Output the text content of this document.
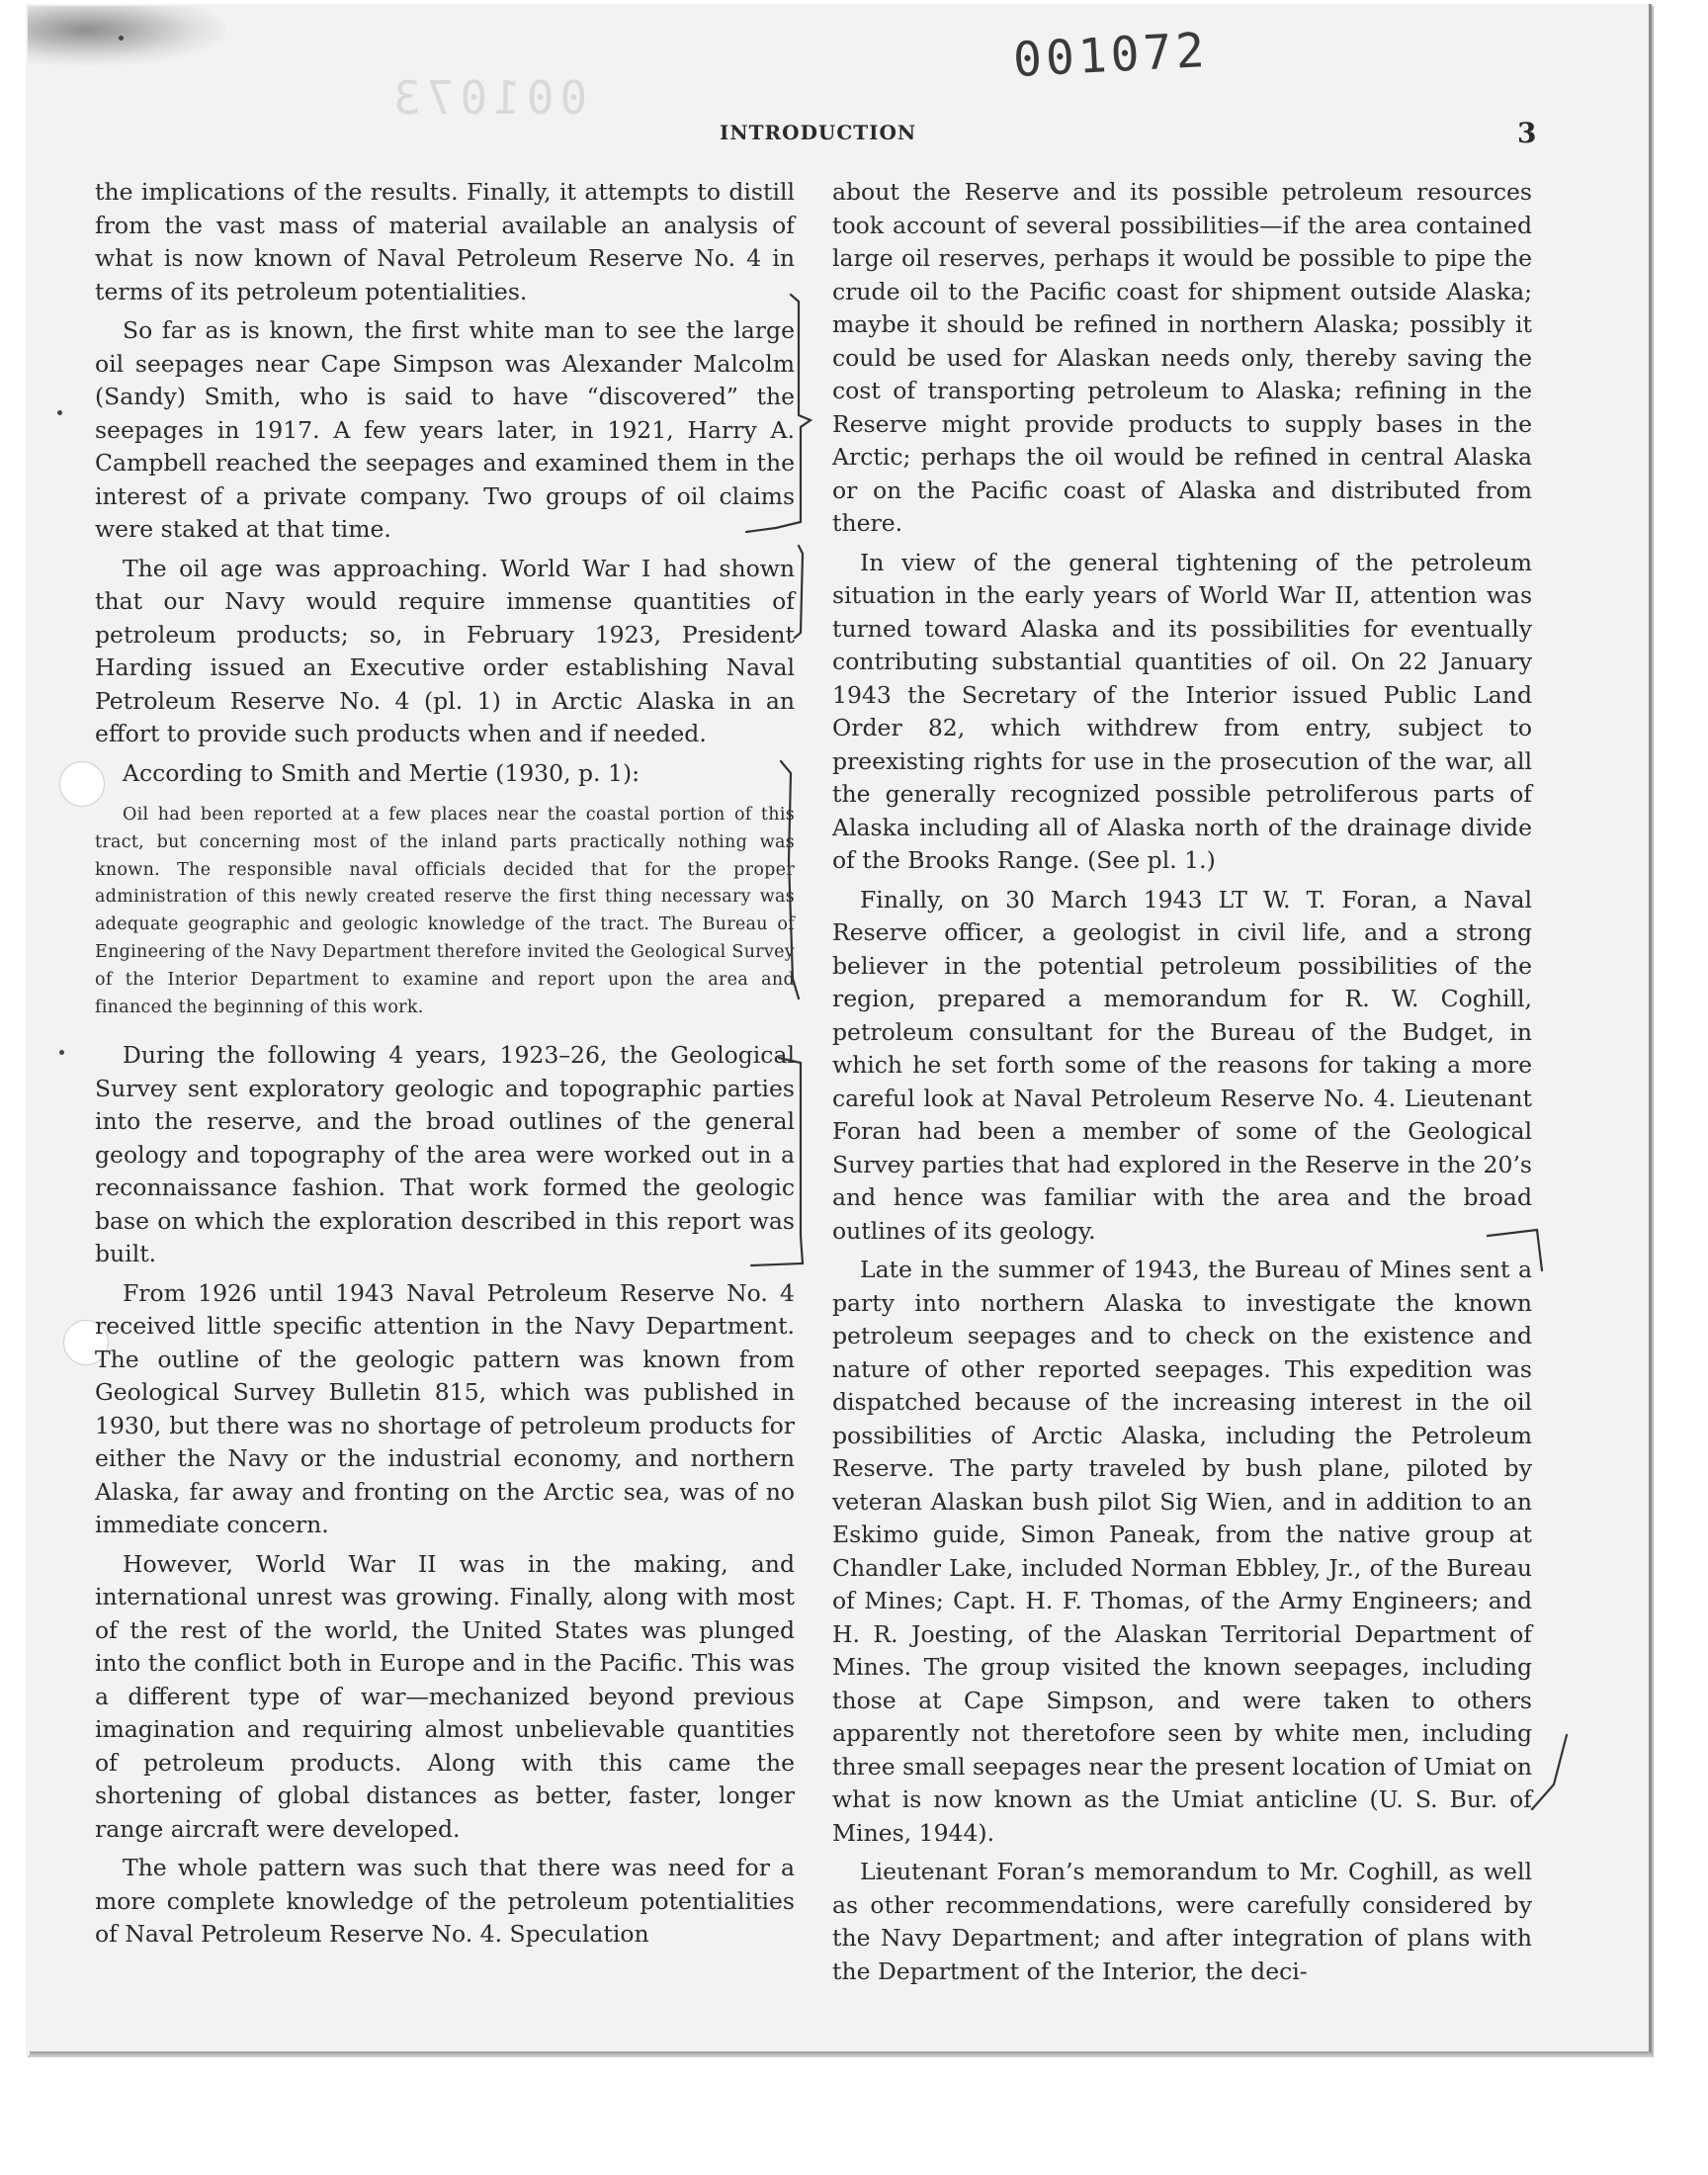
001073
001072
INTRODUCTION	3

the implications of the results. Finally, it attempts to distill from the vast mass of material available an analysis of what is now known of Naval Petroleum Reserve No. 4 in terms of its petroleum potentialities.

So far as is known, the first white man to see the large oil seepages near Cape Simpson was Alexander Malcolm (Sandy) Smith, who is said to have “discovered” the seepages in 1917. A few years later, in 1921, Harry A. Campbell reached the seepages and examined them in the interest of a private company. Two groups of oil claims were staked at that time.

The oil age was approaching. World War I had shown that our Navy would require immense quantities of petroleum products; so, in February 1923, President Harding issued an Executive order establishing Naval Petroleum Reserve No. 4 (pl. 1) in Arctic Alaska in an effort to provide such products when and if needed.

According to Smith and Mertie (1930, p. 1):

Oil had been reported at a few places near the coastal portion of this tract, but concerning most of the inland parts practically nothing was known. The responsible naval officials decided that for the proper administration of this newly created reserve the first thing necessary was adequate geographic and geologic knowledge of the tract. The Bureau of Engineering of the Navy Department therefore invited the Geological Survey of the Interior Department to examine and report upon the area and financed the beginning of this work.

During the following 4 years, 1923–26, the Geological Survey sent exploratory geologic and topographic parties into the reserve, and the broad outlines of the general geology and topography of the area were worked out in a reconnaissance fashion. That work formed the geologic base on which the exploration described in this report was built.

From 1926 until 1943 Naval Petroleum Reserve No. 4 received little specific attention in the Navy Department. The outline of the geologic pattern was known from Geological Survey Bulletin 815, which was published in 1930, but there was no shortage of petroleum products for either the Navy or the industrial economy, and northern Alaska, far away and fronting on the Arctic sea, was of no immediate concern.

However, World War II was in the making, and international unrest was growing. Finally, along with most of the rest of the world, the United States was plunged into the conflict both in Europe and in the Pacific. This was a different type of war—mechanized beyond previous imagination and requiring almost unbelievable quantities of petroleum products. Along with this came the shortening of global distances as better, faster, longer range aircraft were developed.

The whole pattern was such that there was need for a more complete knowledge of the petroleum potentialities of Naval Petroleum Reserve No. 4. Speculation

about the Reserve and its possible petroleum resources took account of several possibilities—if the area contained large oil reserves, perhaps it would be possible to pipe the crude oil to the Pacific coast for shipment outside Alaska; maybe it should be refined in northern Alaska; possibly it could be used for Alaskan needs only, thereby saving the cost of transporting petroleum to Alaska; refining in the Reserve might provide products to supply bases in the Arctic; perhaps the oil would be refined in central Alaska or on the Pacific coast of Alaska and distributed from there.

In view of the general tightening of the petroleum situation in the early years of World War II, attention was turned toward Alaska and its possibilities for eventually contributing substantial quantities of oil. On 22 January 1943 the Secretary of the Interior issued Public Land Order 82, which withdrew from entry, subject to preexisting rights for use in the prosecution of the war, all the generally recognized possible petroliferous parts of Alaska including all of Alaska north of the drainage divide of the Brooks Range. (See pl. 1.)

Finally, on 30 March 1943 LT W. T. Foran, a Naval Reserve officer, a geologist in civil life, and a strong believer in the potential petroleum possibilities of the region, prepared a memorandum for R. W. Coghill, petroleum consultant for the Bureau of the Budget, in which he set forth some of the reasons for taking a more careful look at Naval Petroleum Reserve No. 4. Lieutenant Foran had been a member of some of the Geological Survey parties that had explored in the Reserve in the 20’s and hence was familiar with the area and the broad outlines of its geology.

Late in the summer of 1943, the Bureau of Mines sent a party into northern Alaska to investigate the known petroleum seepages and to check on the existence and nature of other reported seepages. This expedition was dispatched because of the increasing interest in the oil possibilities of Arctic Alaska, including the Petroleum Reserve. The party traveled by bush plane, piloted by veteran Alaskan bush pilot Sig Wien, and in addition to an Eskimo guide, Simon Paneak, from the native group at Chandler Lake, included Norman Ebbley, Jr., of the Bureau of Mines; Capt. H. F. Thomas, of the Army Engineers; and H. R. Joesting, of the Alaskan Territorial Department of Mines. The group visited the known seepages, including those at Cape Simpson, and were taken to others apparently not theretofore seen by white men, including three small seepages near the present location of Umiat on what is now known as the Umiat anticline (U. S. Bur. of Mines, 1944).

Lieutenant Foran’s memorandum to Mr. Coghill, as well as other recommendations, were carefully considered by the Navy Department; and after integration of plans with the Department of the Interior, the deci-
